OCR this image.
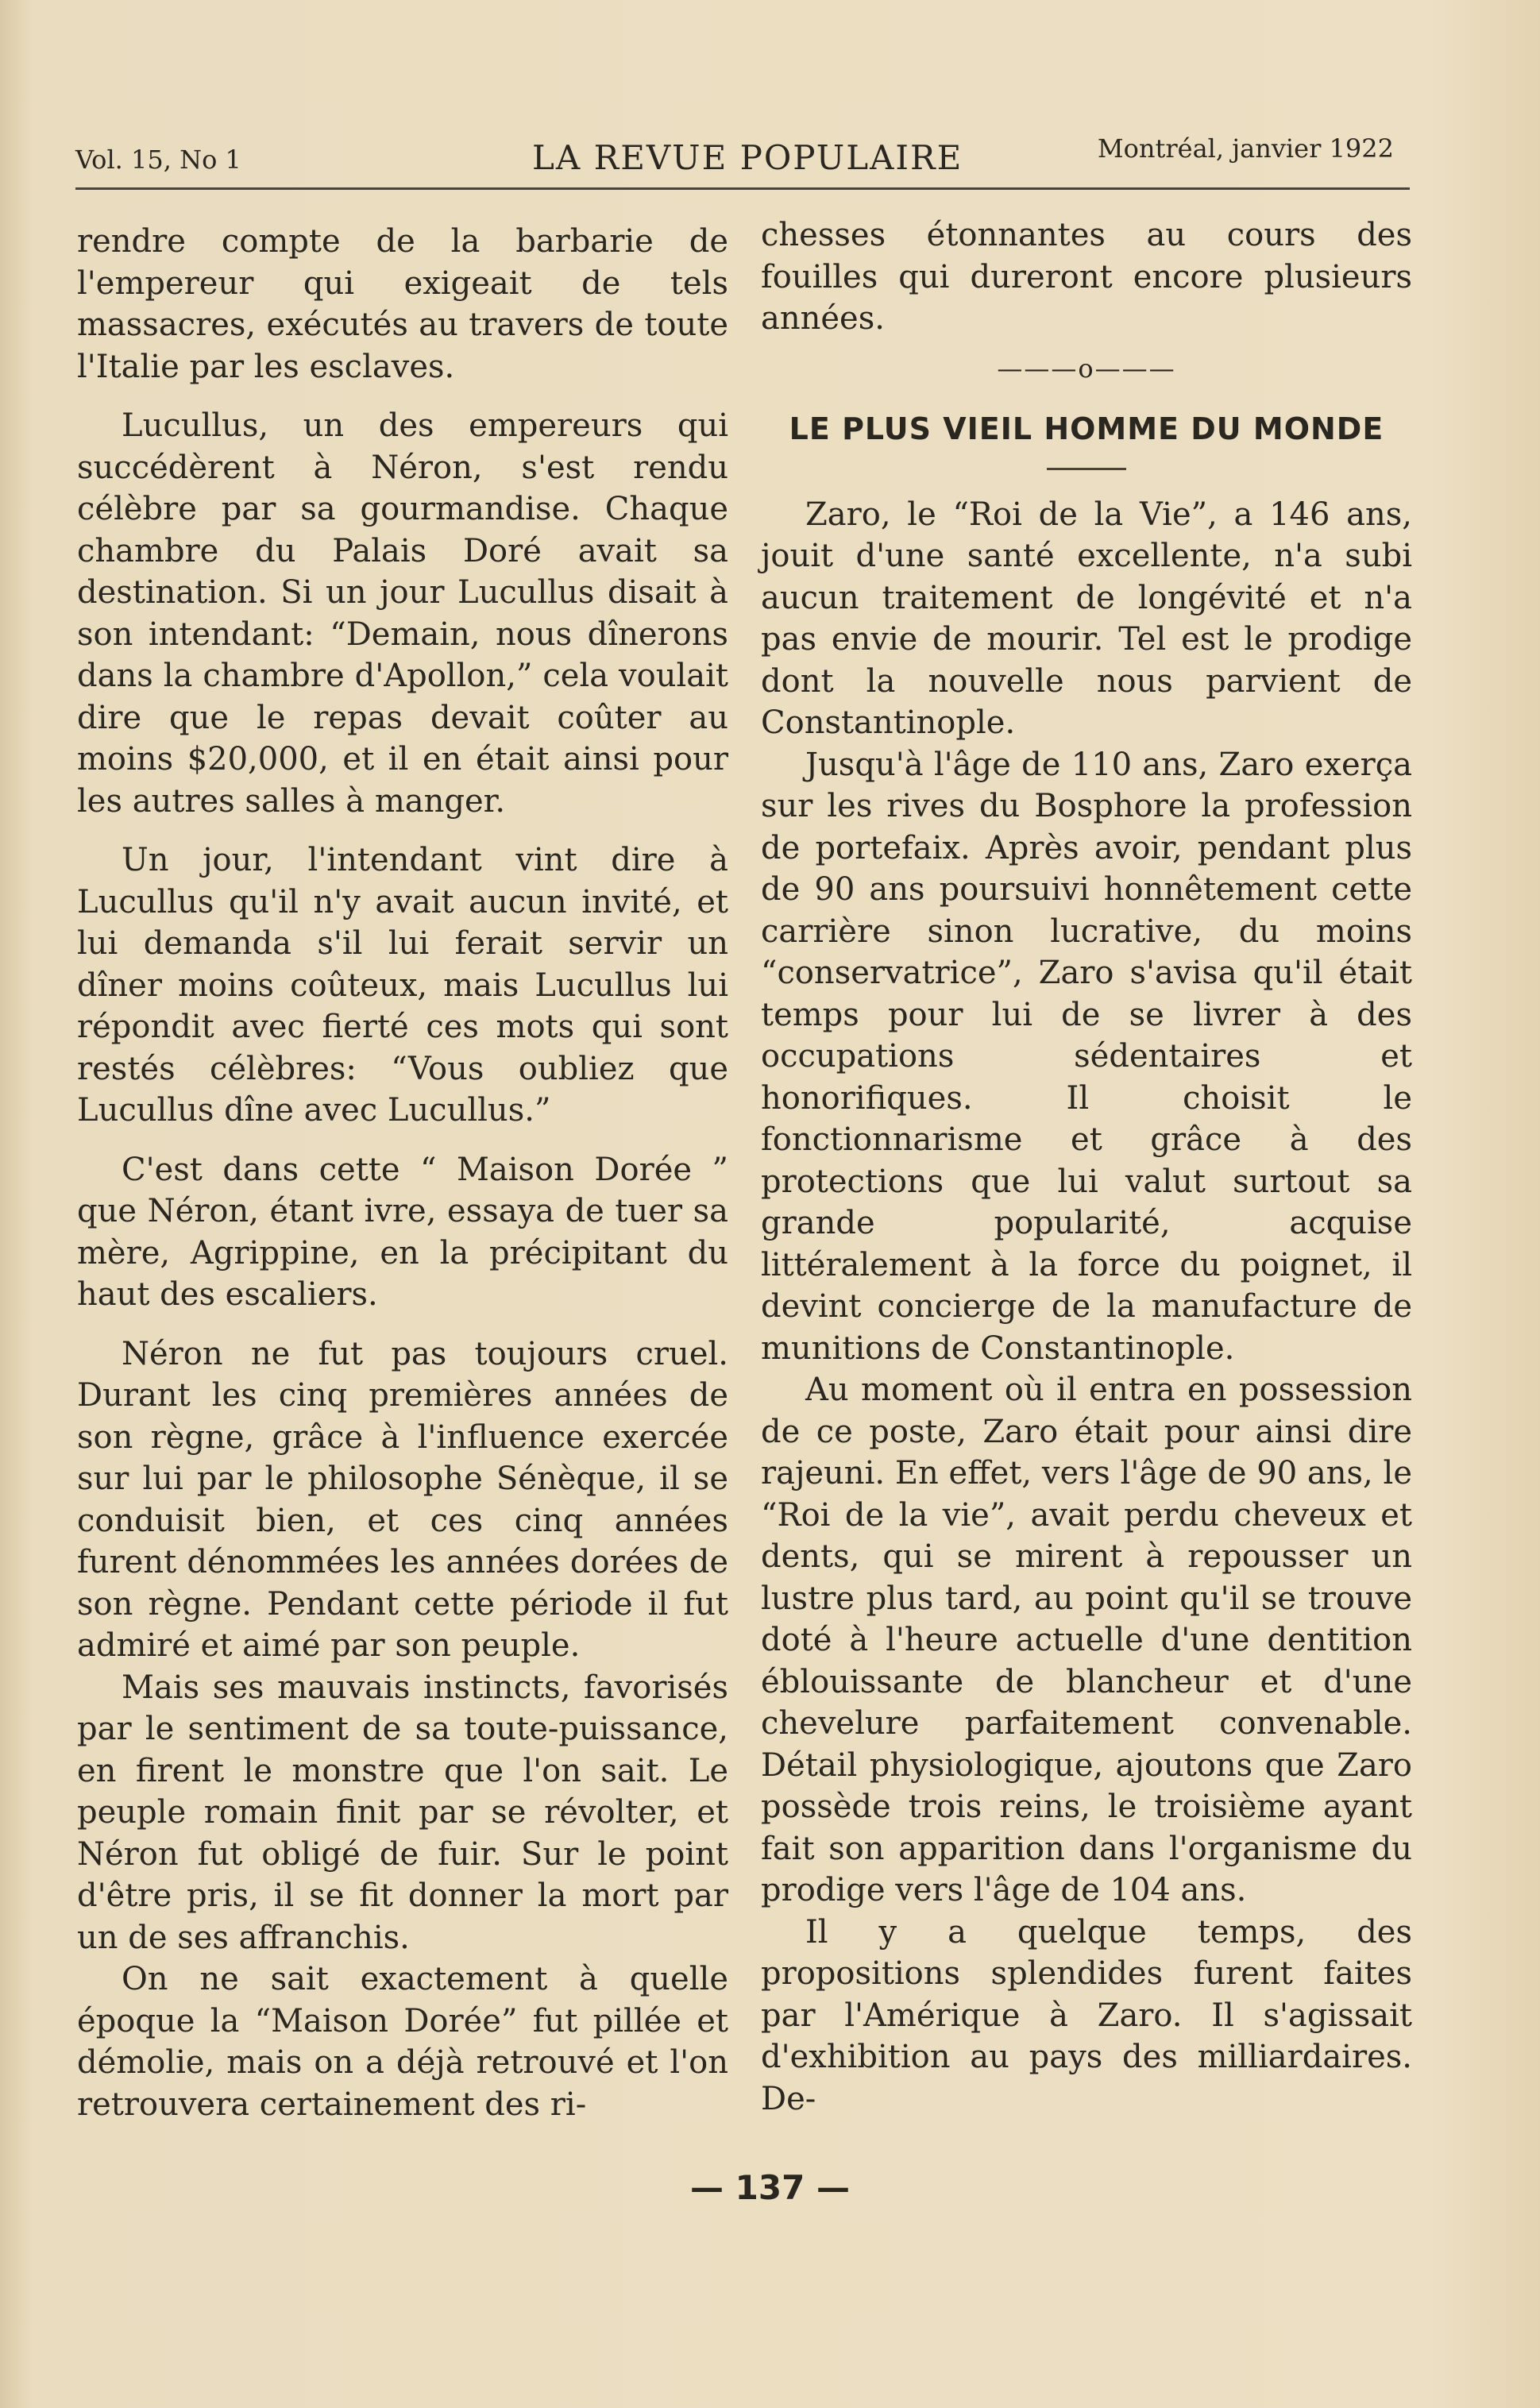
Vol. 15, No 1	LA REVUE POPULAIRE	Montréal, janvier 1922

rendre compte de la barbarie de l'empereur qui exigeait de tels massacres, exécutés au travers de toute l'Italie par les esclaves.

Lucullus, un des empereurs qui succédèrent à Néron, s'est rendu célèbre par sa gourmandise. Chaque chambre du Palais Doré avait sa destination. Si un jour Lucullus disait à son intendant: “Demain, nous dînerons dans la chambre d'Apollon,” cela voulait dire que le repas devait coûter au moins $20,000, et il en était ainsi pour les autres salles à manger.

Un jour, l'intendant vint dire à Lucullus qu'il n'y avait aucun invité, et lui demanda s'il lui ferait servir un dîner moins coûteux, mais Lucullus lui répondit avec fierté ces mots qui sont restés célèbres: “Vous oubliez que Lucullus dîne avec Lucullus.”

C'est dans cette “ Maison Dorée ” que Néron, étant ivre, essaya de tuer sa mère, Agrippine, en la précipitant du haut des escaliers.

Néron ne fut pas toujours cruel. Durant les cinq premières années de son règne, grâce à l'influence exercée sur lui par le philosophe Sénèque, il se conduisit bien, et ces cinq années furent dénommées les années dorées de son règne. Pendant cette période il fut admiré et aimé par son peuple.

Mais ses mauvais instincts, favorisés par le sentiment de sa toute-puissance, en firent le monstre que l'on sait. Le peuple romain finit par se révolter, et Néron fut obligé de fuir. Sur le point d'être pris, il se fit donner la mort par un de ses affranchis.

On ne sait exactement à quelle époque la “Maison Dorée” fut pillée et démolie, mais on a déjà retrouvé et l'on retrouvera certainement des ri-

chesses étonnantes au cours des fouilles qui dureront encore plusieurs années.

———o———
LE PLUS VIEIL HOMME DU MONDE

Zaro, le “Roi de la Vie”, a 146 ans, jouit d'une santé excellente, n'a subi aucun traitement de longévité et n'a pas envie de mourir. Tel est le prodige dont la nouvelle nous parvient de Constantinople.

Jusqu'à l'âge de 110 ans, Zaro exerça sur les rives du Bosphore la profession de portefaix. Après avoir, pendant plus de 90 ans poursuivi honnêtement cette carrière sinon lucrative, du moins “conservatrice”, Zaro s'avisa qu'il était temps pour lui de se livrer à des occupations sédentaires et honorifiques. Il choisit le fonctionnarisme et grâce à des protections que lui valut surtout sa grande popularité, acquise littéralement à la force du poignet, il devint concierge de la manufacture de munitions de Constantinople.

Au moment où il entra en possession de ce poste, Zaro était pour ainsi dire rajeuni. En effet, vers l'âge de 90 ans, le “Roi de la vie”, avait perdu cheveux et dents, qui se mirent à repousser un lustre plus tard, au point qu'il se trouve doté à l'heure actuelle d'une dentition éblouissante de blancheur et d'une chevelure parfaitement convenable. Détail physiologique, ajoutons que Zaro possède trois reins, le troisième ayant fait son apparition dans l'organisme du prodige vers l'âge de 104 ans.

Il y a quelque temps, des propositions splendides furent faites par l'Amérique à Zaro. Il s'agissait d'exhibition au pays des milliardaires. De-

— 137 —
